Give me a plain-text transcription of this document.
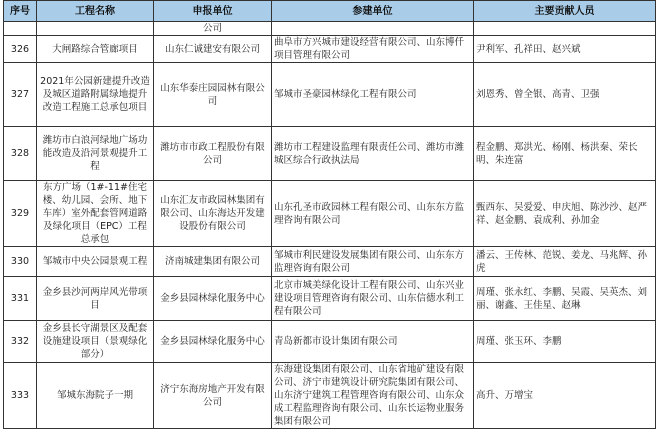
序号	工程名称	申报单位	参建单位	主要贡献人员
		公司		
326	大闸路综合管廊项目	山东仁诚建安有限公司	曲阜市方兴城市建设经营有限公司、山东博仟项目管理有限公司	尹利军、孔祥田、赵兴斌
327	2021年公园新建提升改造及城区道路附属绿地提升改造工程施工总承包项目	山东华泰庄园园林有限公司	邹城市圣豪园林绿化工程有限公司	刘恩秀、曾全银、高青、卫强
328	潍坊市白浪河绿地广场功能改造及沿河景观提升工程	潍坊市市政工程股份有限公司	潍坊市工程建设监理有限责任公司、潍坊市潍城区综合行政执法局	程金鹏、郑洪光、杨刚、杨洪秦、荣长明、朱连富
329	东方广场（1#-11#住宅楼、幼儿园、会所、地下车库）室外配套管网道路及绿化项目（EPC）工程总承包	山东汇友市政园林集团有限公司、山东海达开发建设股份有限公司	山东孔圣市政园林工程有限公司、山东东方监理咨询有限公司	甄西东、吴爱爱、申庆旭、陈沙沙、赵严祥、赵金鹏、袁成利、孙加金
330	邹城市中央公园景观工程	济南城建集团有限公司	邹城市利民建设发展集团有限公司、山东东方监理咨询有限公司	潘云、王传林、范锐、姜龙、马兆辉、孙虎
331	金乡县沙河两岸风光带项目	金乡县园林绿化服务中心	北京市城美绿化设计工程有限公司、山东兴业建设项目管理咨询有限公司、山东信德水利工程有限公司	周瑾、张永红、李鹏、吴霞、吴英杰、刘丽、谢鑫、王佳星、赵琳
332	金乡县长守湖景区及配套设施建设项目（景观绿化部分）	金乡县园林绿化服务中心	青岛新都市设计集团有限公司	周瑾、张玉环、李鹏
333	邹城东海院子一期	济宁东海房地产开发有限公司	东海建设集团有限公司、山东省地矿建设有限公司、济宁市建筑设计研究院集团有限公司、山东济宁建筑工程管理咨询有限公司、山东众成工程监理咨询有限公司、山东长运物业服务集团有限公司	高升、万增宝
